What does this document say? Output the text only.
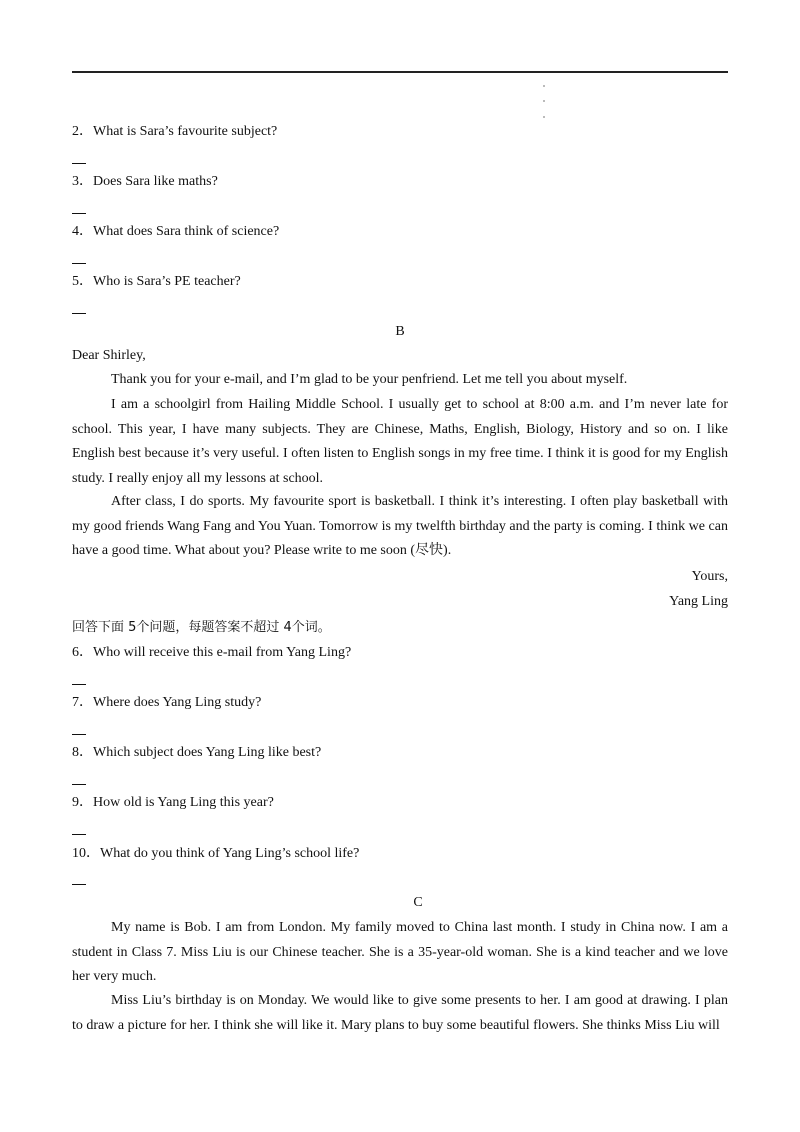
2．What is Sara’s favourite subject?
3．Does Sara like maths?
4．What does Sara think of science?
5．Who is Sara’s PE teacher?
B
Dear Shirley,

Thank you for your e-mail, and I’m glad to be your penfriend. Let me tell you about myself.

I am a schoolgirl from Hailing Middle School. I usually get to school at 8:00 a.m. and I’m never late for school. This year, I have many subjects. They are Chinese, Maths, English, Biology, History and so on. I like English best because it’s very useful. I often listen to English songs in my free time. I think it is good for my English study. I really enjoy all my lessons at school.

After class, I do sports. My favourite sport is basketball. I think it’s interesting. I often play basketball with my good friends Wang Fang and You Yuan. Tomorrow is my twelfth birthday and the party is coming. I think we can have a good time. What about you? Please write to me soon (尽快).

Yours,
Yang Ling
回答下面 5个问题，每题答案不超过 4个词。
6．Who will receive this e-mail from Yang Ling?
7．Where does Yang Ling study?
8．Which subject does Yang Ling like best?
9．How old is Yang Ling this year?
10．What do you think of Yang Ling’s school life?
C

My name is Bob. I am from London. My family moved to China last month. I study in China now. I am a student in Class 7. Miss Liu is our Chinese teacher. She is a 35-year-old woman. She is a kind teacher and we love her very much.

Miss Liu’s birthday is on Monday. We would like to give some presents to her. I am good at drawing. I plan to draw a picture for her. I think she will like it. Mary plans to buy some beautiful flowers. She thinks Miss Liu will
